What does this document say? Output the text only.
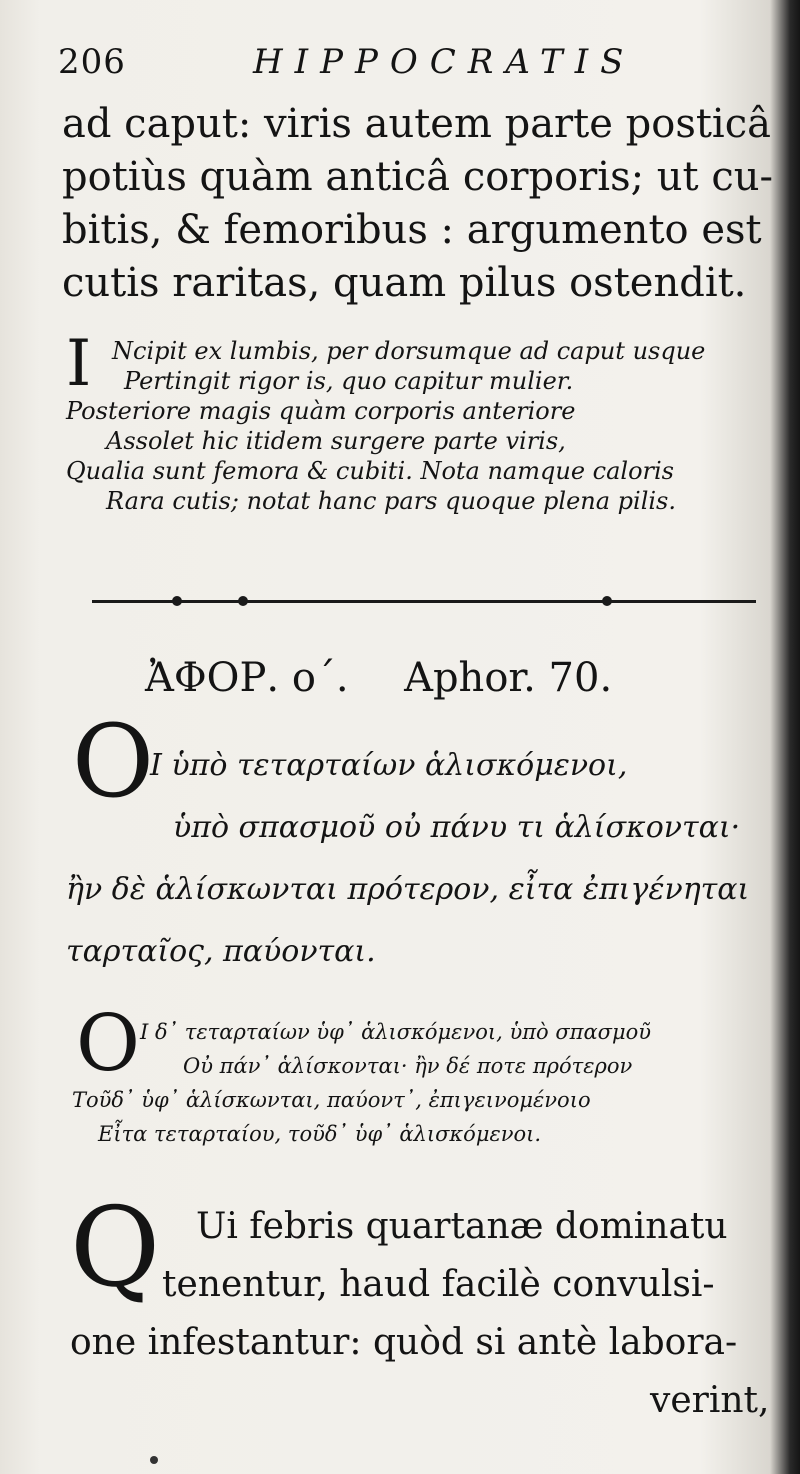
206	HIPPOCRATIS
ad caput: viris autem parte posticâ
potiùs quàm anticâ corporis; ut cu-
bitis, & femoribus : argumento est
cutis raritas, quam pilus ostendit.
I Ncipit ex lumbis, per dorsumque ad caput usque
Pertingit rigor is, quo capitur mulier.
Posteriore magis quàm corporis anteriore
Assolet hic itidem surgere parte viris,
Qualia sunt femora & cubiti. Nota namque caloris
Rara cutis; notat hanc pars quoque plena pilis.
ἈΦΟΡ. ο΄. Aphor. 70.
O
Ι ὑπὸ τεταρταίων ἁλισκόμενοι,
ὑπὸ σπασμοῦ οὐ πάνυ τι ἁλίσκονται·
ἢν δὲ ἁλίσκωνται πρότερον, εἶτα ἐπιγένηται
ταρταῖος, παύονται.
O Ι δ᾽ τεταρταίων ὑφ᾽ ἁλισκόμενοι, ὑπὸ σπασμοῦ
Οὐ πάν᾽ ἁλίσκονται· ἢν δέ ποτε πρότερον
Τοῦδ᾽ ὑφ᾽ ἁλίσκωνται, παύοντ᾽, ἐπιγεινομένοιο
Εἶτα τεταρταίου, τοῦδ᾽ ὑφ᾽ ἁλισκόμενοι.
Q Ui febris quartanæ dominatu
tenentur, haud facilè convulsi-
one infestantur: quòd si antè labora-
verint,
